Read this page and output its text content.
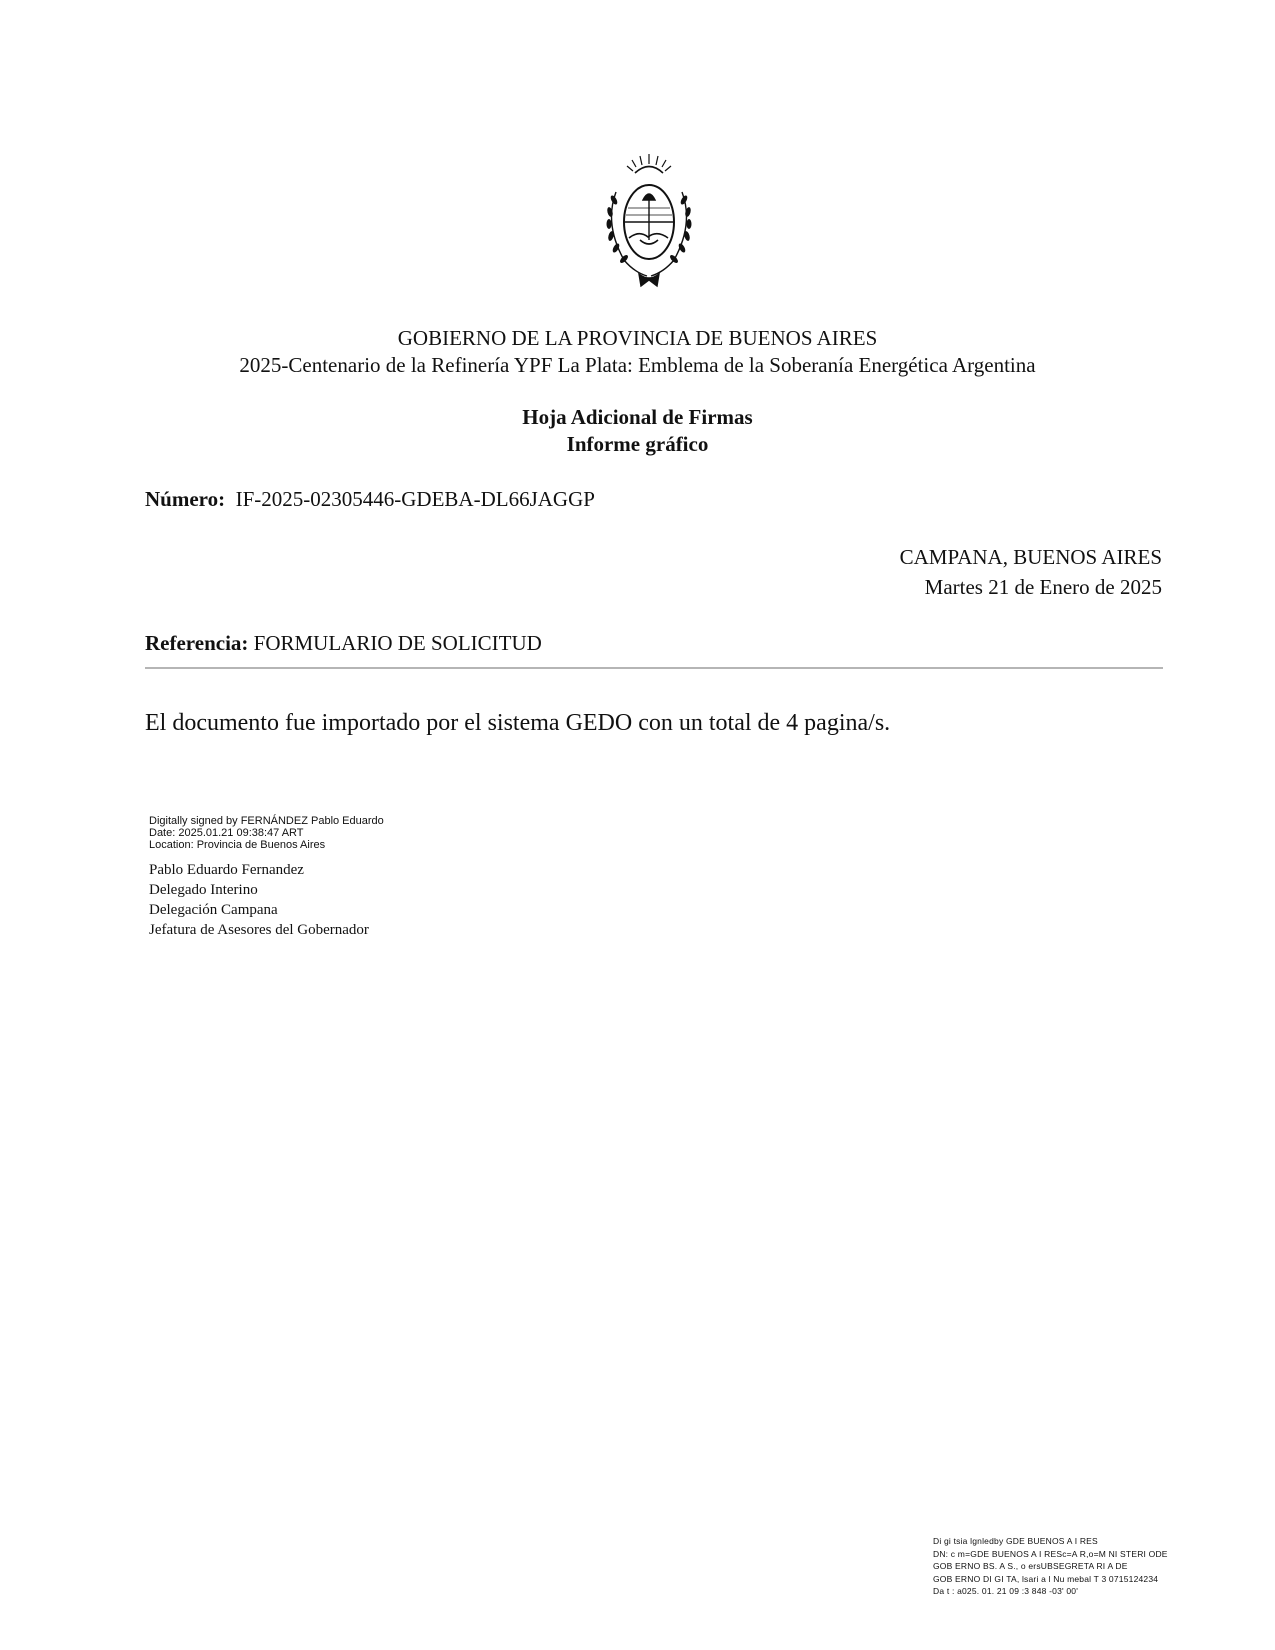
GOBIERNO DE LA PROVINCIA DE BUENOS AIRES
2025-Centenario de la Refinería YPF La Plata: Emblema de la Soberanía Energética Argentina
Hoja Adicional de Firmas
Informe gráfico
Número: IF-2025-02305446-GDEBA-DL66JAGGP
CAMPANA, BUENOS AIRES
Martes 21 de Enero de 2025
Referencia: FORMULARIO DE SOLICITUD
El documento fue importado por el sistema GEDO con un total de 4 pagina/s.
Digitally signed by FERNÁNDEZ Pablo Eduardo
Date: 2025.01.21 09:38:47 ART
Location: Provincia de Buenos Aires
Pablo Eduardo Fernandez
Delegado Interino
Delegación Campana
Jefatura de Asesores del Gobernador
Di gi tsia lgnledby GDE BUENOS A I RES
DN: c m=GDE BUENOS A I RESc=A R,o=M NI STERI ODE
GOB ERNO BS. A S., o ersUBSEGRETA RI A DE
GOB ERNO DI GI TA, lsari a l Nu mebal T 3 0715124234
Da t : a025. 01. 21 09 :3 848 -03' 00'
